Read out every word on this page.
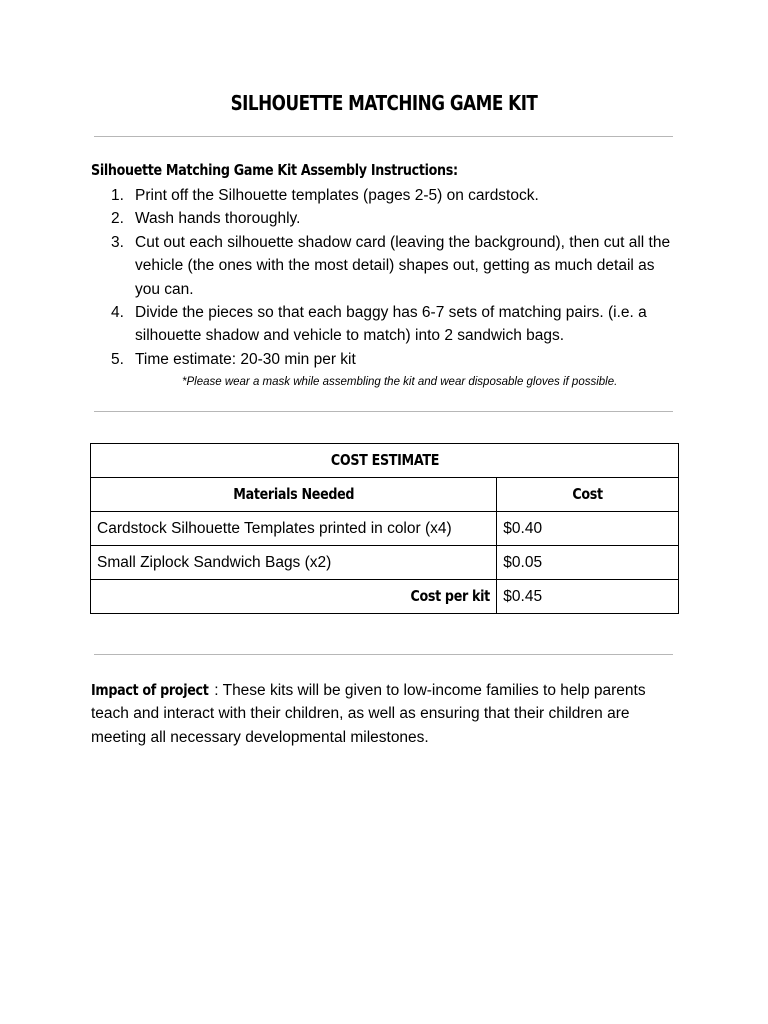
SILHOUETTE MATCHING GAME KIT
Silhouette Matching Game Kit Assembly Instructions:
1. Print off the Silhouette templates (pages 2-5) on cardstock.
2. Wash hands thoroughly.
3. Cut out each silhouette shadow card (leaving the background), then cut all the vehicle (the ones with the most detail) shapes out, getting as much detail as you can.
4. Divide the pieces so that each baggy has 6-7 sets of matching pairs. (i.e. a silhouette shadow and vehicle to match) into 2 sandwich bags.
5. Time estimate: 20-30 min per kit
*Please wear a mask while assembling the kit and wear disposable gloves if possible.
COST ESTIMATE	
Materials Needed	Cost
Cardstock Silhouette Templates printed in color (x4)	$0.40
Small Ziplock Sandwich Bags (x2)	$0.05
Cost per kit	$0.45
Impact of project : These kits will be given to low-income families to help parents teach and interact with their children, as well as ensuring that their children are meeting all necessary developmental milestones.
